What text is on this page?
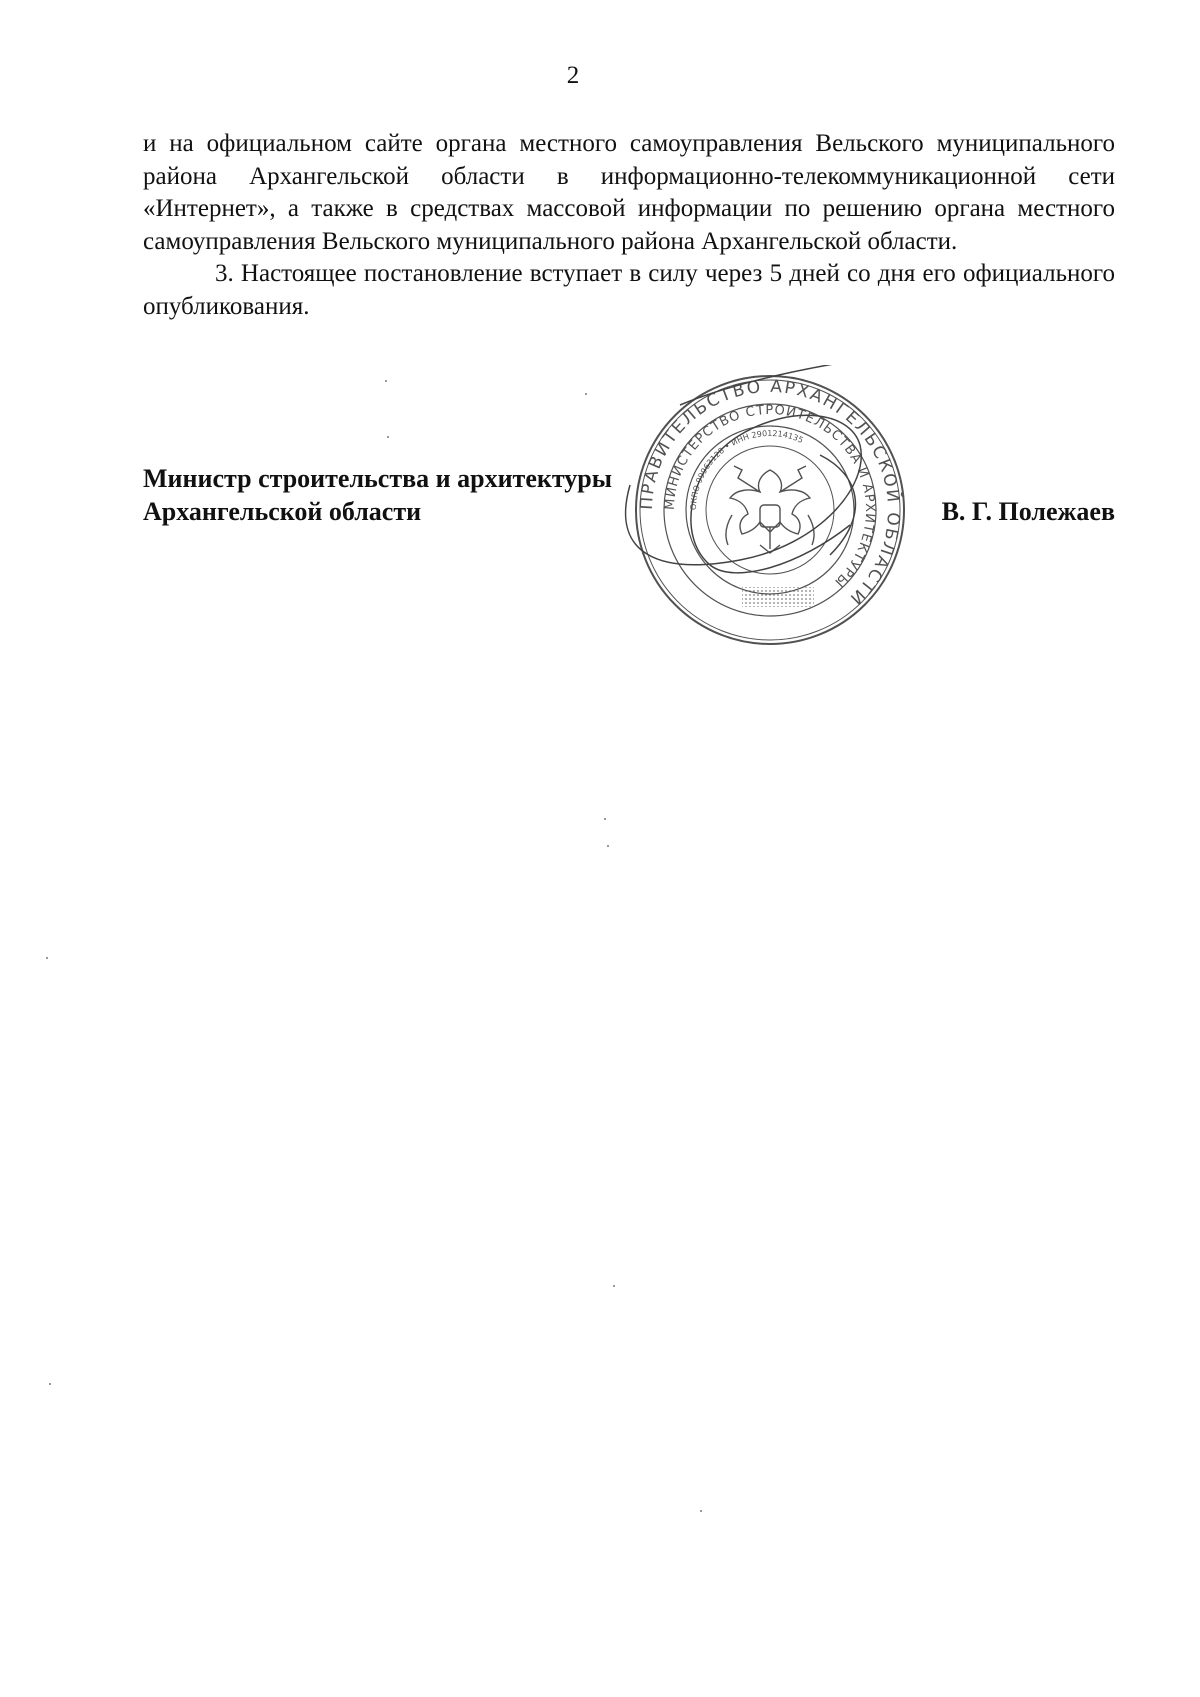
2

и на официальном сайте органа местного самоуправления Вельского муниципального района Архангельской области в информационно-телекоммуникационной сети «Интернет», а также в средствах массовой информации по решению органа местного самоуправления Вельского муниципального района Архангельской области.

3. Настоящее постановление вступает в силу через 5 дней со дня его официального опубликования.

ПРАВИТЕЛЬСТВО АРХАНГЕЛЬСКОЙ ОБЛАСТИ
МИНИСТЕРСТВО СТРОИТЕЛЬСТВА И АРХИТЕКТУРЫ
ОКПО 99963128 • ИНН 2901214135
Министр строительства и архитектуры
Архангельской области	В. Г. Полежаев
